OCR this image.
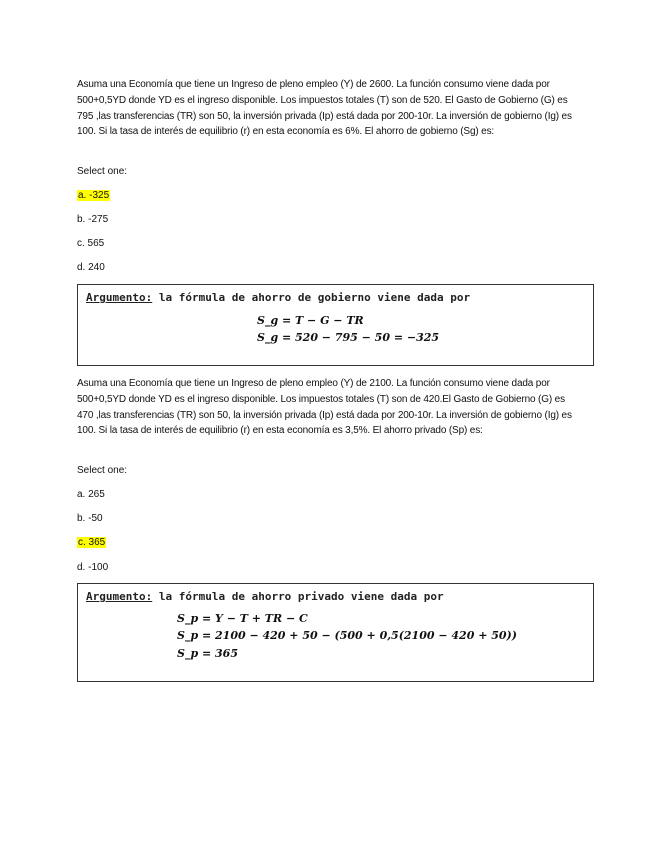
Asuma una Economía que tiene un Ingreso de pleno empleo (Y) de 2600. La función consumo viene dada por 500+0,5YD donde YD es el ingreso disponible. Los impuestos totales (T) son de 520. El Gasto de Gobierno (G) es 795 ,las transferencias (TR) son 50, la inversión privada (Ip) está dada por 200-10r. La inversión de gobierno (Ig) es 100. Si la tasa de interés de equilibrio (r) en esta economía es 6%. El ahorro de gobierno (Sg) es:
Select one:
a. -325
b. -275
c. 565
d. 240
Argumento: la fórmula de ahorro de gobierno viene dada por
S_g = T − G − TR
S_g = 520 − 795 − 50 = −325
Asuma una Economía que tiene un Ingreso de pleno empleo (Y) de 2100. La función consumo viene dada por 500+0,5YD donde YD es el ingreso disponible. Los impuestos totales (T) son de 420.El Gasto de Gobierno (G) es 470 ,las transferencias (TR) son 50, la inversión privada (Ip) está dada por 200-10r. La inversión de gobierno (Ig) es 100. Si la tasa de interés de equilibrio (r) en esta economía es 3,5%. El ahorro privado (Sp) es:
Select one:
a. 265
b. -50
c. 365
d. -100
Argumento: la fórmula de ahorro privado viene dada por
S_p = Y − T + TR − C
S_p = 2100 − 420 + 50 − (500 + 0,5(2100 − 420 + 50))
S_p = 365
